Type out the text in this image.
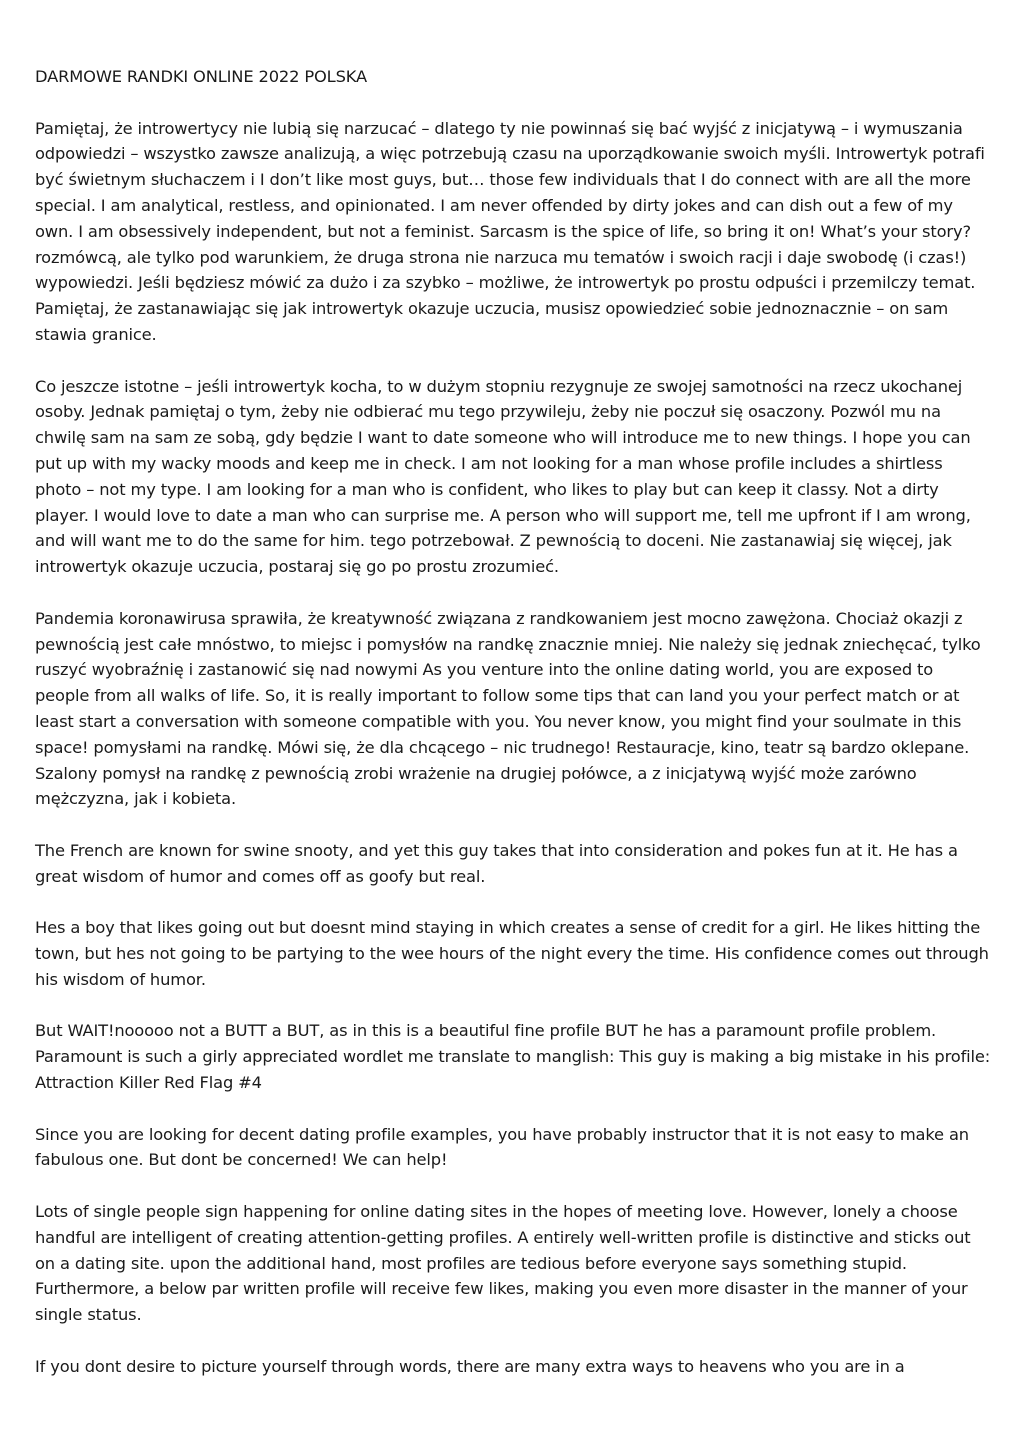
DARMOWE RANDKI ONLINE 2022 POLSKA

Pamiętaj, że introwertycy nie lubią się narzucać – dlatego ty nie powinnaś się bać wyjść z inicjatywą – i wymuszania odpowiedzi – wszystko zawsze analizują, a więc potrzebują czasu na uporządkowanie swoich myśli. Introwertyk potrafi być świetnym słuchaczem i I don’t like most guys, but… those few individuals that I do connect with are all the more special. I am analytical, restless, and opinionated. I am never offended by dirty jokes and can dish out a few of my own. I am obsessively independent, but not a feminist. Sarcasm is the spice of life, so bring it on! What’s your story? rozmówcą, ale tylko pod warunkiem, że druga strona nie narzuca mu tematów i swoich racji i daje swobodę (i czas!) wypowiedzi. Jeśli będziesz mówić za dużo i za szybko – możliwe, że introwertyk po prostu odpuści i przemilczy temat. Pamiętaj, że zastanawiając się jak introwertyk okazuje uczucia, musisz opowiedzieć sobie jednoznacznie – on sam stawia granice.

Co jeszcze istotne – jeśli introwertyk kocha, to w dużym stopniu rezygnuje ze swojej samotności na rzecz ukochanej osoby. Jednak pamiętaj o tym, żeby nie odbierać mu tego przywileju, żeby nie poczuł się osaczony. Pozwól mu na chwilę sam na sam ze sobą, gdy będzie I want to date someone who will introduce me to new things. I hope you can put up with my wacky moods and keep me in check. I am not looking for a man whose profile includes a shirtless photo – not my type. I am looking for a man who is confident, who likes to play but can keep it classy. Not a dirty player. I would love to date a man who can surprise me. A person who will support me, tell me upfront if I am wrong, and will want me to do the same for him. tego potrzebował. Z pewnością to doceni. Nie zastanawiaj się więcej, jak introwertyk okazuje uczucia, postaraj się go po prostu zrozumieć.

Pandemia koronawirusa sprawiła, że kreatywność związana z randkowaniem jest mocno zawężona. Chociaż okazji z pewnością jest całe mnóstwo, to miejsc i pomysłów na randkę znacznie mniej. Nie należy się jednak zniechęcać, tylko ruszyć wyobraźnię i zastanowić się nad nowymi As you venture into the online dating world, you are exposed to people from all walks of life. So, it is really important to follow some tips that can land you your perfect match or at least start a conversation with someone compatible with you. You never know, you might find your soulmate in this space! pomysłami na randkę. Mówi się, że dla chcącego – nic trudnego! Restauracje, kino, teatr są bardzo oklepane. Szalony pomysł na randkę z pewnością zrobi wrażenie na drugiej połówce, a z inicjatywą wyjść może zarówno mężczyzna, jak i kobieta.

The French are known for swine snooty, and yet this guy takes that into consideration and pokes fun at it. He has a great wisdom of humor and comes off as goofy but real.

Hes a boy that likes going out but doesnt mind staying in which creates a sense of credit for a girl. He likes hitting the town, but hes not going to be partying to the wee hours of the night every the time. His confidence comes out through his wisdom of humor.

But WAIT!nooooo not a BUTT a BUT, as in this is a beautiful fine profile BUT he has a paramount profile problem. Paramount is such a girly appreciated wordlet me translate to manglish: This guy is making a big mistake in his profile: Attraction Killer Red Flag #4

Since you are looking for decent dating profile examples, you have probably instructor that it is not easy to make an fabulous one. But dont be concerned! We can help!

Lots of single people sign happening for online dating sites in the hopes of meeting love. However, lonely a choose handful are intelligent of creating attention-getting profiles. A entirely well-written profile is distinctive and sticks out on a dating site. upon the additional hand, most profiles are tedious before everyone says something stupid. Furthermore, a below par written profile will receive few likes, making you even more disaster in the manner of your single status.

If you dont desire to picture yourself through words, there are many extra ways to heavens who you are in a
